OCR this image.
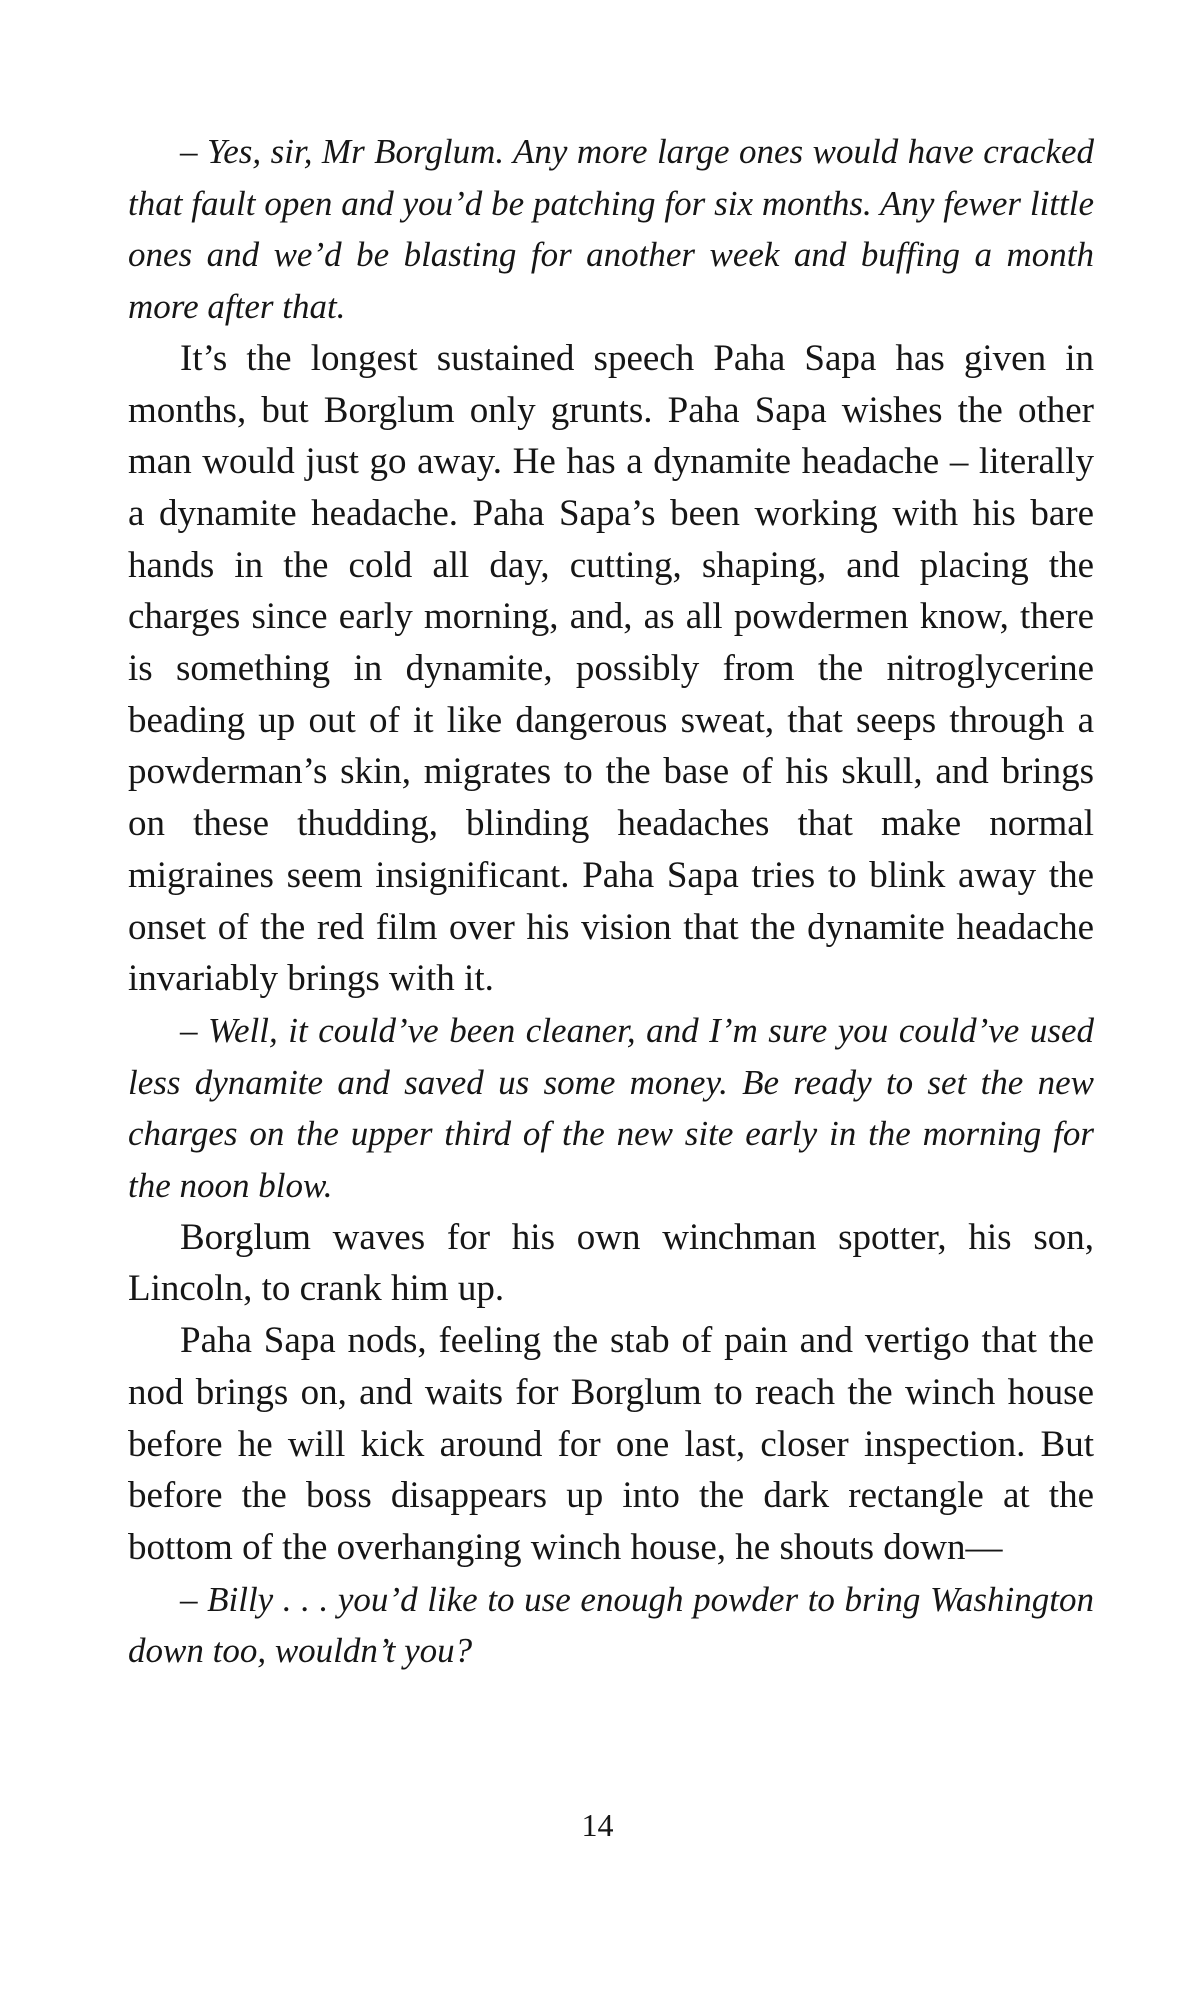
– Yes, sir, Mr Borglum. Any more large ones would have cracked that fault open and you’d be patching for six months. Any fewer little ones and we’d be blasting for another week and buffing a month more after that.

It’s the longest sustained speech Paha Sapa has given in months, but Borglum only grunts. Paha Sapa wishes the other man would just go away. He has a dynamite headache – literally a dynamite headache. Paha Sapa’s been working with his bare hands in the cold all day, cutting, shaping, and placing the charges since early morning, and, as all powdermen know, there is something in dynamite, possibly from the nitroglycerine beading up out of it like dangerous sweat, that seeps through a powderman’s skin, migrates to the base of his skull, and brings on these thudding, blinding headaches that make normal migraines seem insignificant. Paha Sapa tries to blink away the onset of the red film over his vision that the dynamite headache invariably brings with it.

– Well, it could’ve been cleaner, and I’m sure you could’ve used less dynamite and saved us some money. Be ready to set the new charges on the upper third of the new site early in the morning for the noon blow.

Borglum waves for his own winchman spotter, his son, Lincoln, to crank him up.

Paha Sapa nods, feeling the stab of pain and vertigo that the nod brings on, and waits for Borglum to reach the winch house before he will kick around for one last, closer inspection. But before the boss disappears up into the dark rectangle at the bottom of the overhanging winch house, he shouts down—

– Billy . . . you’d like to use enough powder to bring Washington down too, wouldn’t you?

14
